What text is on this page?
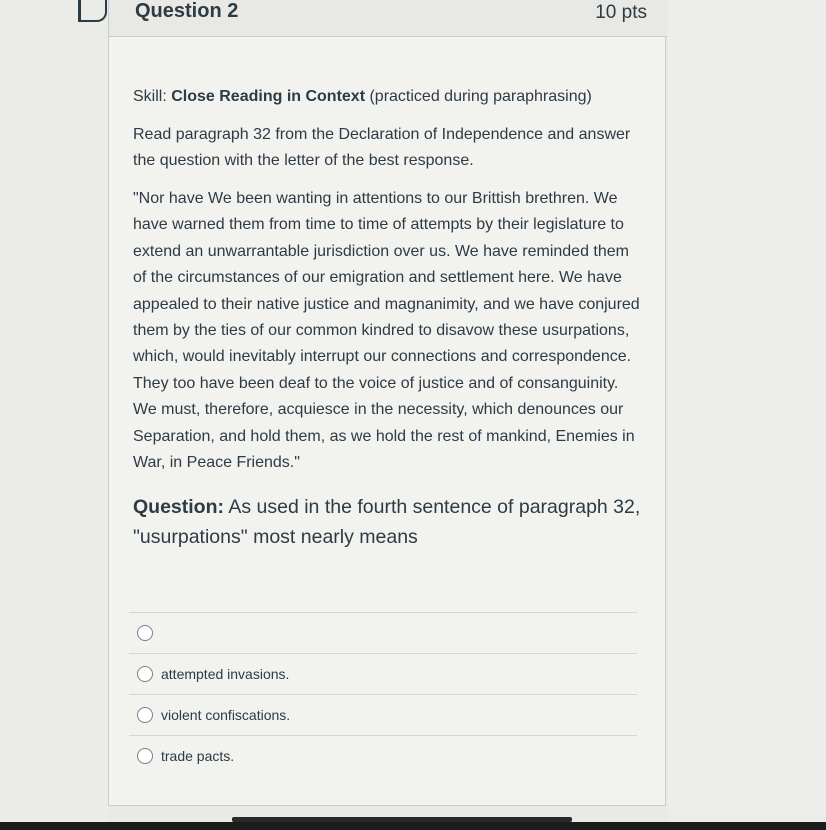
Question 2	10 pts

Skill: Close Reading in Context (practiced during paraphrasing)

Read paragraph 32 from the Declaration of Independence and answer the question with the letter of the best response.

"Nor have We been wanting in attentions to our Brittish brethren. We have warned them from time to time of attempts by their legislature to extend an unwarrantable jurisdiction over us. We have reminded them of the circumstances of our emigration and settlement here. We have appealed to their native justice and magnanimity, and we have conjured them by the ties of our common kindred to disavow these usurpations, which, would inevitably interrupt our connections and correspondence. They too have been deaf to the voice of justice and of consanguinity. We must, therefore, acquiesce in the necessity, which denounces our Separation, and hold them, as we hold the rest of mankind, Enemies in War, in Peace Friends."

Question: As used in the fourth sentence of paragraph 32, "usurpations" most nearly means
attempted invasions.
violent confiscations.
trade pacts.
